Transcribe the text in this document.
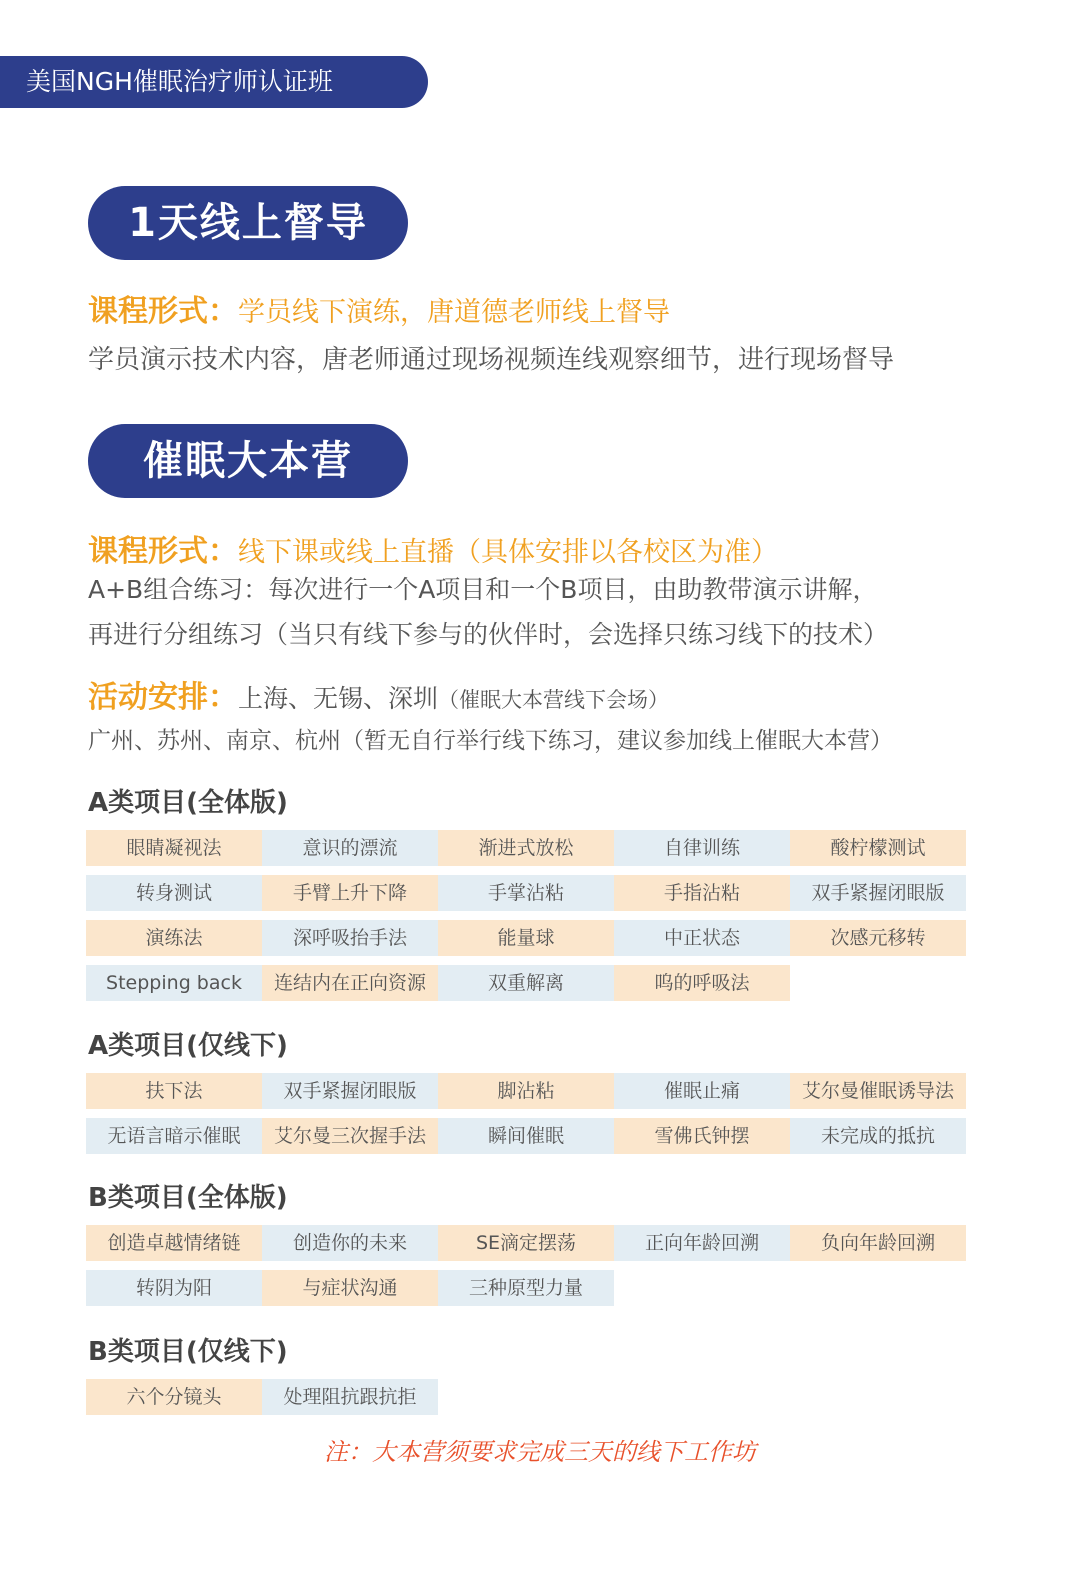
美国NGH催眠治疗师认证班
1天线上督导
课程形式：学员线下演练，唐道德老师线上督导
学员演示技术内容，唐老师通过现场视频连线观察细节，进行现场督导
催眠大本营
课程形式：线下课或线上直播（具体安排以各校区为准）
A+B组合练习：每次进行一个A项目和一个B项目，由助教带演示讲解，
再进行分组练习（当只有线下参与的伙伴时，会选择只练习线下的技术）
活动安排：上海、无锡、深圳（催眠大本营线下会场）
广州、苏州、南京、杭州（暂无自行举行线下练习，建议参加线上催眠大本营）
A类项目(全体版)
眼睛凝视法	意识的漂流	渐进式放松	自律训练	酸柠檬测试
转身测试	手臂上升下降	手掌沾粘	手指沾粘	双手紧握闭眼版
演练法	深呼吸抬手法	能量球	中正状态	次感元移转
Stepping back	连结内在正向资源	双重解离	呜的呼吸法
A类项目(仅线下)
扶下法	双手紧握闭眼版	脚沾粘	催眠止痛	艾尔曼催眠诱导法
无语言暗示催眠	艾尔曼三次握手法	瞬间催眠	雪佛氏钟摆	未完成的抵抗
B类项目(全体版)
创造卓越情绪链	创造你的未来	SE滴定摆荡	正向年龄回溯	负向年龄回溯
转阴为阳	与症状沟通	三种原型力量
B类项目(仅线下)
六个分镜头	处理阻抗跟抗拒
注：大本营须要求完成三天的线下工作坊
